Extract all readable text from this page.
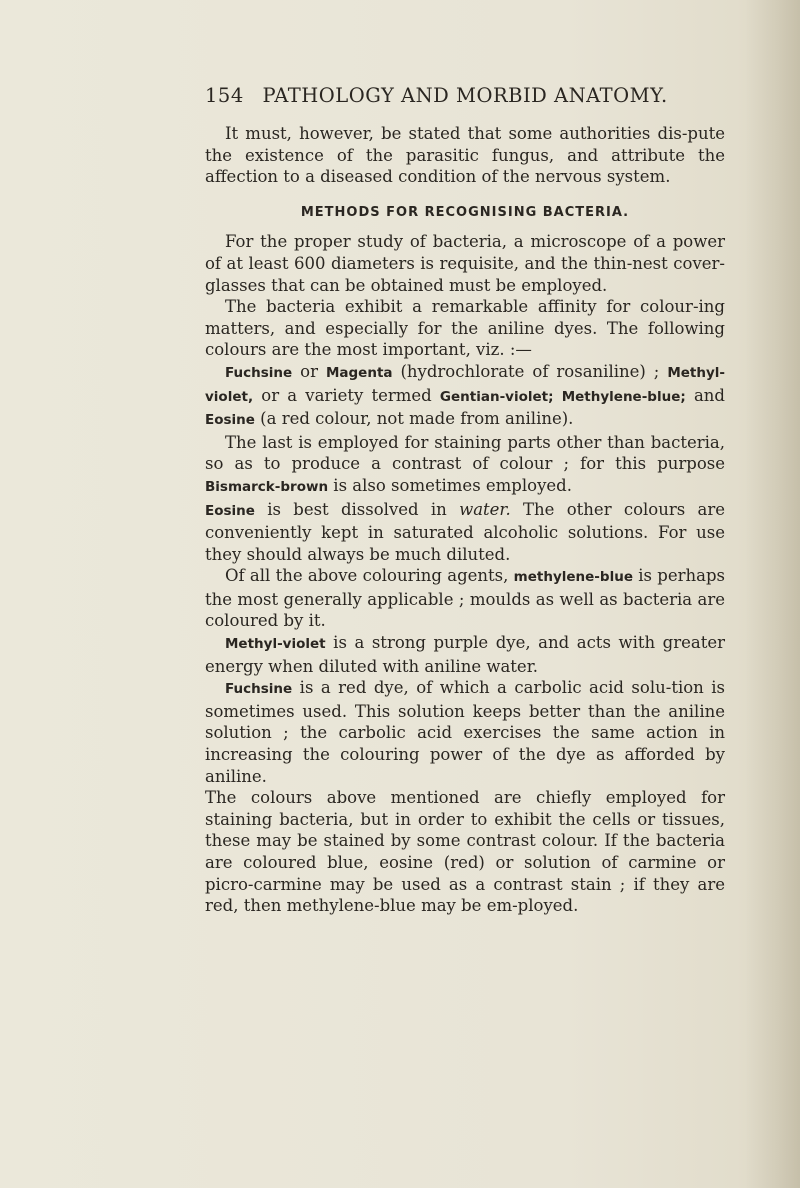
154 PATHOLOGY AND MORBID ANATOMY.

It must, however, be stated that some authorities dis-pute the existence of the parasitic fungus, and attribute the affection to a diseased condition of the nervous system.

METHODS FOR RECOGNISING BACTERIA.

For the proper study of bacteria, a microscope of a power of at least 600 diameters is requisite, and the thin-nest cover-glasses that can be obtained must be employed.

The bacteria exhibit a remarkable affinity for colour-ing matters, and especially for the aniline dyes. The following colours are the most important, viz. :—

Fuchsine or Magenta (hydrochlorate of rosaniline) ; Methyl-violet, or a variety termed Gentian-violet; Methylene-blue; and Eosine (a red colour, not made from aniline).

The last is employed for staining parts other than bacteria, so as to produce a contrast of colour ; for this purpose Bismarck-brown is also sometimes employed.

Eosine is best dissolved in water. The other colours are conveniently kept in saturated alcoholic solutions. For use they should always be much diluted.

Of all the above colouring agents, methylene-blue is perhaps the most generally applicable ; moulds as well as bacteria are coloured by it.

Methyl-violet is a strong purple dye, and acts with greater energy when diluted with aniline water.

Fuchsine is a red dye, of which a carbolic acid solu-tion is sometimes used. This solution keeps better than the aniline solution ; the carbolic acid exercises the same action in increasing the colouring power of the dye as afforded by aniline.

The colours above mentioned are chiefly employed for staining bacteria, but in order to exhibit the cells or tissues, these may be stained by some contrast colour. If the bacteria are coloured blue, eosine (red) or solution of carmine or picro-carmine may be used as a contrast stain ; if they are red, then methylene-blue may be em-ployed.
